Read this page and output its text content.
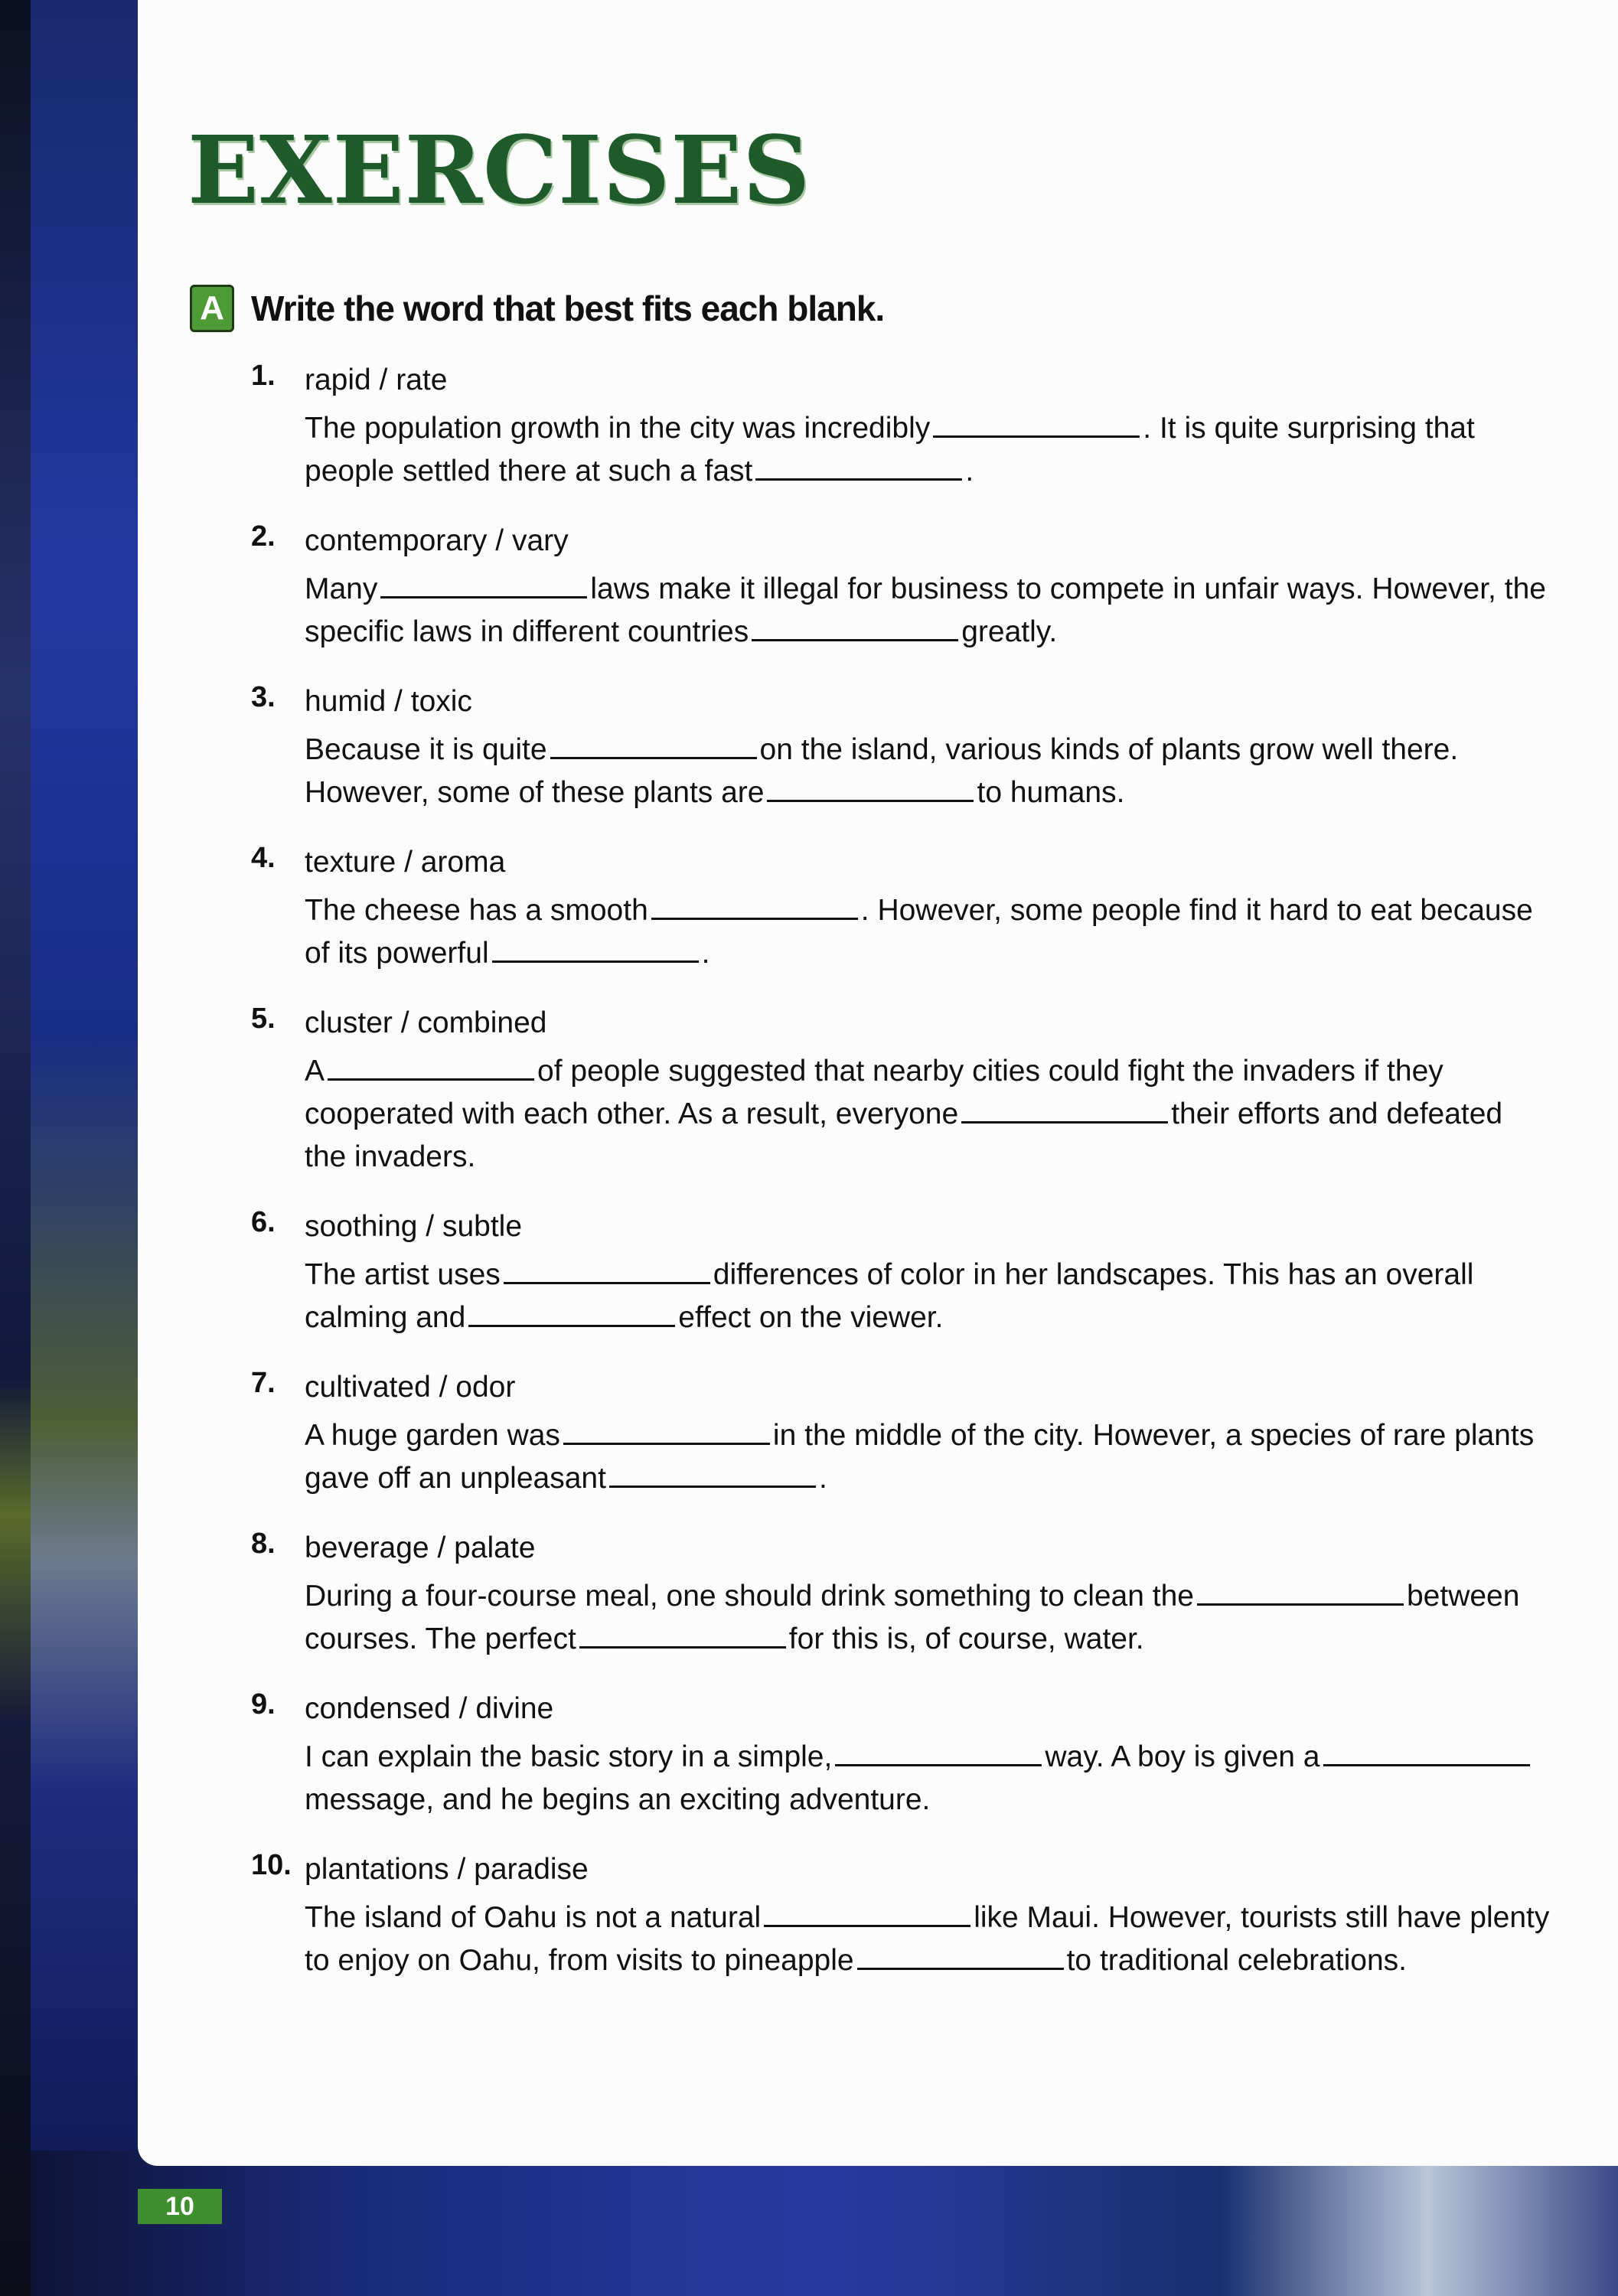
EXERCISES
A Write the word that best fits each blank.
1. rapid / rate
The population growth in the city was incredibly	. It is quite surprising that people settled there at such a fast	.
2. contemporary / vary
Many	laws make it illegal for business to compete in unfair ways. However, the specific laws in different countries	greatly.
3. humid / toxic
Because it is quite	on the island, various kinds of plants grow well there. However, some of these plants are	to humans.
4. texture / aroma
The cheese has a smooth	. However, some people find it hard to eat because of its powerful	.
5. cluster / combined
A	of people suggested that nearby cities could fight the invaders if they cooperated with each other. As a result, everyone	their efforts and defeated the invaders.
6. soothing / subtle
The artist uses	differences of color in her landscapes. This has an overall calming and	effect on the viewer.
7. cultivated / odor
A huge garden was	in the middle of the city. However, a species of rare plants gave off an unpleasant	.
8. beverage / palate
During a four-course meal, one should drink something to clean the	between courses. The perfect	for this is, of course, water.
9. condensed / divine
I can explain the basic story in a simple,	way. A boy is given amessage, and he begins an exciting adventure.
10. plantations / paradise
The island of Oahu is not a natural	like Maui. However, tourists still have plenty to enjoy on Oahu, from visits to pineapple	to traditional celebrations.
10
